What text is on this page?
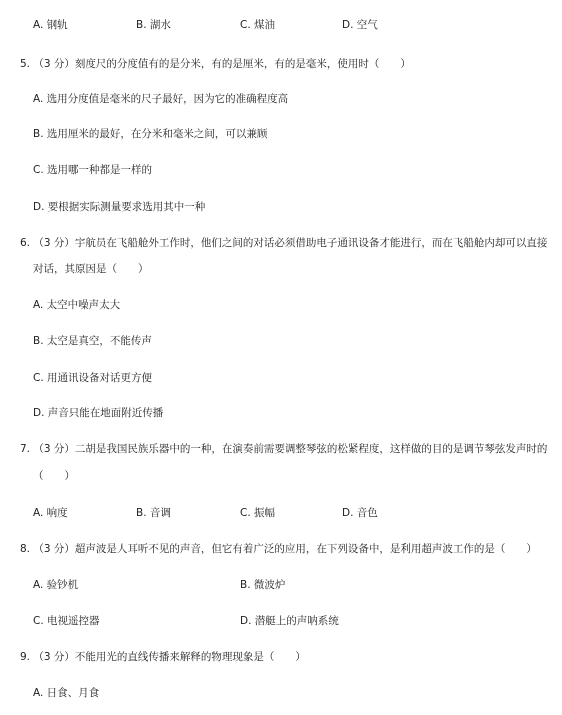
A. 钢轨	B. 湖水	C. 煤油	D. 空气
5. （3 分）刻度尺的分度值有的是分米，有的是厘米，有的是毫米，使用时（　　）
A. 选用分度值是毫米的尺子最好，因为它的准确程度高
B. 选用厘米的最好，在分米和毫米之间，可以兼顾
C. 选用哪一种都是一样的
D. 要根据实际测量要求选用其中一种
6. （3 分）宇航员在飞船舱外工作时，他们之间的对话必须借助电子通讯设备才能进行，而在飞船舱内却可以直接
对话，其原因是（　　）
A. 太空中噪声太大
B. 太空是真空，不能传声
C. 用通讯设备对话更方便
D. 声音只能在地面附近传播
7. （3 分）二胡是我国民族乐器中的一种，在演奏前需要调整琴弦的松紧程度，这样做的目的是调节琴弦发声时的
（　　）
A. 响度	B. 音调	C. 振幅	D. 音色
8. （3 分）超声波是人耳听不见的声音，但它有着广泛的应用，在下列设备中，是利用超声波工作的是（　　）
A. 验钞机	B. 微波炉
C. 电视遥控器	D. 潜艇上的声呐系统
9. （3 分）不能用光的直线传播来解释的物理现象是（　　）
A. 日食、月食
